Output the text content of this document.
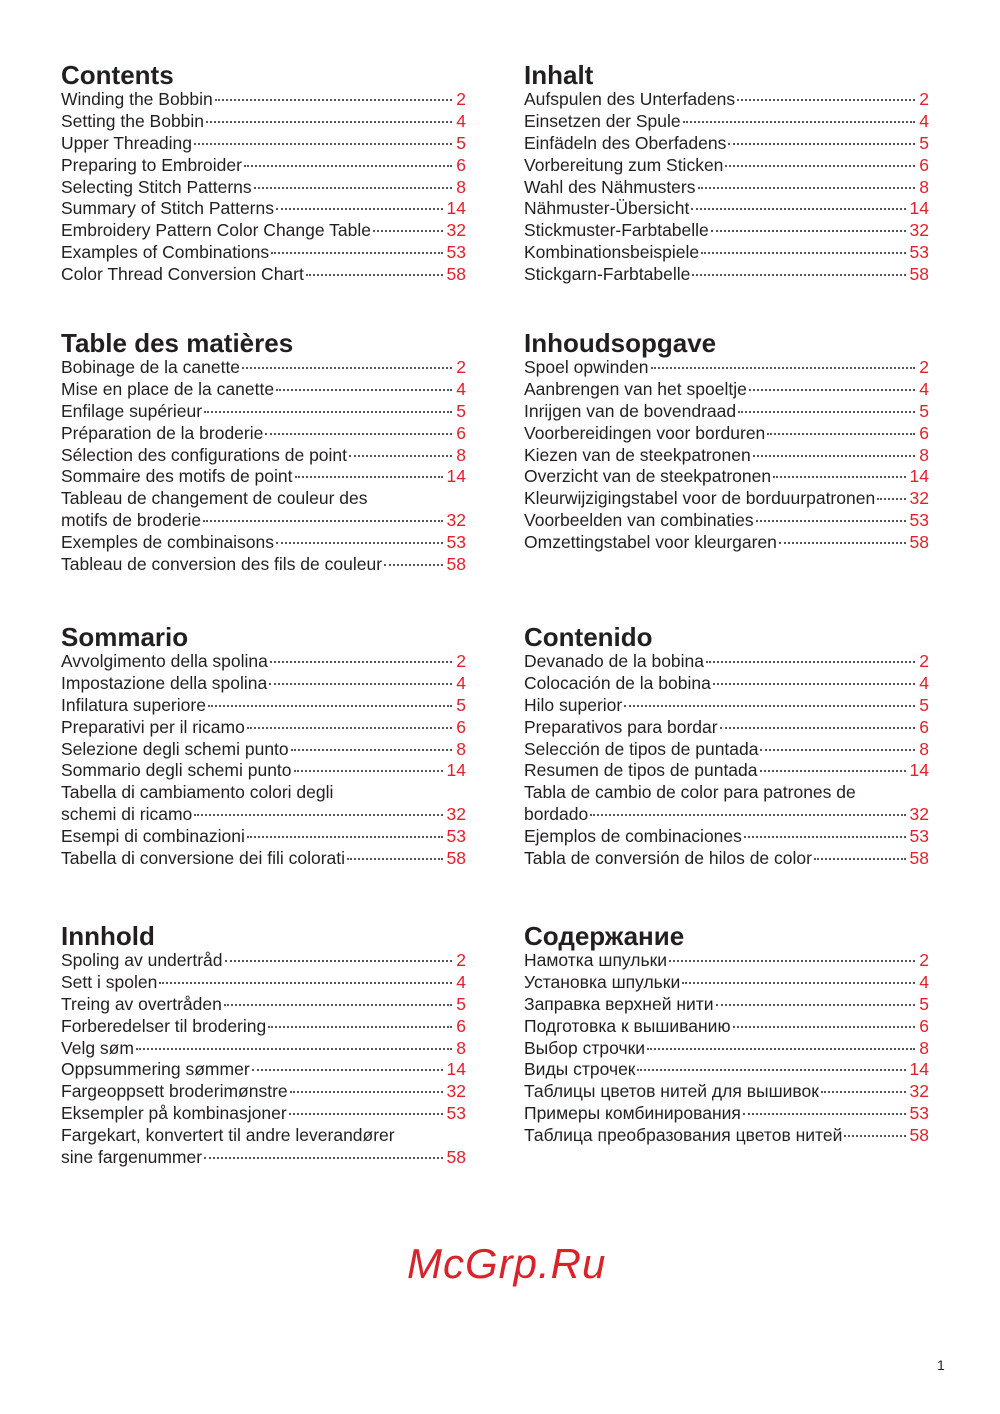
Contents
Winding the Bobbin	2
Setting the Bobbin	4
Upper Threading	5
Preparing to Embroider	6
Selecting Stitch Patterns	8
Summary of Stitch Patterns	14
Embroidery Pattern Color Change Table	32
Examples of Combinations	53
Color Thread Conversion Chart	58
Inhalt
Aufspulen des Unterfadens	2
Einsetzen der Spule	4
Einfädeln des Oberfadens	5
Vorbereitung zum Sticken	6
Wahl des Nähmusters	8
Nähmuster-Übersicht	14
Stickmuster-Farbtabelle	32
Kombinationsbeispiele	53
Stickgarn-Farbtabelle	58
Table des matières
Bobinage de la canette	2
Mise en place de la canette	4
Enfilage supérieur	5
Préparation de la broderie	6
Sélection des configurations de point	8
Sommaire des motifs de point	14
Tableau de changement de couleur des
motifs de broderie	32
Exemples de combinaisons	53
Tableau de conversion des fils de couleur	58
Inhoudsopgave
Spoel opwinden	2
Aanbrengen van het spoeltje	4
Inrijgen van de bovendraad	5
Voorbereidingen voor borduren	6
Kiezen van de steekpatronen	8
Overzicht van de steekpatronen	14
Kleurwijzigingstabel voor de borduurpatronen 32
Voorbeelden van combinaties	53
Omzettingstabel voor kleurgaren	58
Sommario
Avvolgimento della spolina	2
Impostazione della spolina	4
Infilatura superiore	5
Preparativi per il ricamo	6
Selezione degli schemi punto	8
Sommario degli schemi punto	14
Tabella di cambiamento colori degli
schemi di ricamo	32
Esempi di combinazioni	53
Tabella di conversione dei fili colorati	58
Contenido
Devanado de la bobina	2
Colocación de la bobina	4
Hilo superior	5
Preparativos para bordar	6
Selección de tipos de puntada	8
Resumen de tipos de puntada	14
Tabla de cambio de color para patrones de
bordado	32
Ejemplos de combinaciones	53
Tabla de conversión de hilos de color	58
Innhold
Spoling av undertråd	2
Sett i spolen	4
Treing av overtråden	5
Forberedelser til brodering	6
Velg søm	8
Oppsummering sømmer	14
Fargeoppsett broderimønstre	32
Eksempler på kombinasjoner	53
Fargekart, konvertert til andre leverandører
sine fargenummer	58
Содержание
Намотка шпульки	2
Установка шпульки	4
Заправка верхней нити	5
Подготовка к вышиванию	6
Выбор строчки	8
Виды строчек	14
Таблицы цветов нитей для вышивок	32
Примеры комбинирования	53
Таблица преобразования цветов нитей	58
1
McGrp.Ru
